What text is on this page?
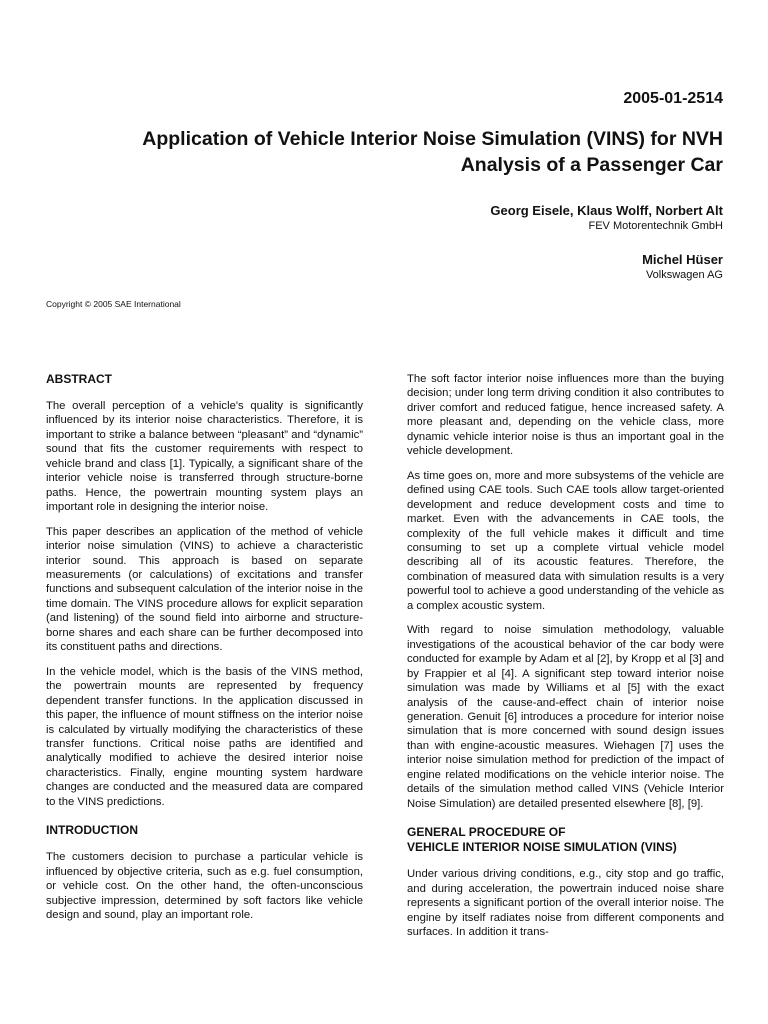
2005-01-2514
Application of Vehicle Interior Noise Simulation (VINS) for NVH
Analysis of a Passenger Car
Georg Eisele, Klaus Wolff, Norbert Alt
FEV Motorentechnik GmbH
Michel Hüser
Volkswagen AG
Copyright © 2005 SAE International
ABSTRACT

The overall perception of a vehicle's quality is significantly influenced by its interior noise characteristics. Therefore, it is important to strike a balance between “pleasant” and “dynamic” sound that fits the customer requirements with respect to vehicle brand and class [1]. Typically, a significant share of the interior vehicle noise is transferred through structure-borne paths. Hence, the powertrain mounting system plays an important role in designing the interior noise.

This paper describes an application of the method of vehicle interior noise simulation (VINS) to achieve a characteristic interior sound. This approach is based on separate measurements (or calculations) of excitations and transfer functions and subsequent calculation of the interior noise in the time domain. The VINS procedure allows for explicit separation (and listening) of the sound field into airborne and structure-borne shares and each share can be further decomposed into its constituent paths and directions.

In the vehicle model, which is the basis of the VINS method, the powertrain mounts are represented by frequency dependent transfer functions. In the application discussed in this paper, the influence of mount stiffness on the interior noise is calculated by virtually modifying the characteristics of these transfer functions. Critical noise paths are identified and analytically modified to achieve the desired interior noise characteristics. Finally, engine mounting system hardware changes are conducted and the measured data are compared to the VINS predictions.

INTRODUCTION

The customers decision to purchase a particular vehicle is influenced by objective criteria, such as e.g. fuel consumption, or vehicle cost. On the other hand, the often-unconscious subjective impression, determined by soft factors like vehicle design and sound, play an important role.

The soft factor interior noise influences more than the buying decision; under long term driving condition it also contributes to driver comfort and reduced fatigue, hence increased safety. A more pleasant and, depending on the vehicle class, more dynamic vehicle interior noise is thus an important goal in the vehicle development.

As time goes on, more and more subsystems of the vehicle are defined using CAE tools. Such CAE tools allow target-oriented development and reduce development costs and time to market. Even with the advancements in CAE tools, the complexity of the full vehicle makes it difficult and time consuming to set up a complete virtual vehicle model describing all of its acoustic features. Therefore, the combination of measured data with simulation results is a very powerful tool to achieve a good understanding of the vehicle as a complex acoustic system.

With regard to noise simulation methodology, valuable investigations of the acoustical behavior of the car body were conducted for example by Adam et al [2], by Kropp et al [3] and by Frappier et al [4]. A significant step toward interior noise simulation was made by Williams et al [5] with the exact analysis of the cause-and-effect chain of interior noise generation. Genuit [6] introduces a procedure for interior noise simulation that is more concerned with sound design issues than with engine-acoustic measures. Wiehagen [7] uses the interior noise simulation method for prediction of the impact of engine related modifications on the vehicle interior noise. The details of the simulation method called VINS (Vehicle Interior Noise Simulation) are detailed presented elsewhere [8], [9].

GENERAL PROCEDURE OF
VEHICLE INTERIOR NOISE SIMULATION (VINS)

Under various driving conditions, e.g., city stop and go traffic, and during acceleration, the powertrain induced noise share represents a significant portion of the overall interior noise. The engine by itself radiates noise from different components and surfaces. In addition it trans-
